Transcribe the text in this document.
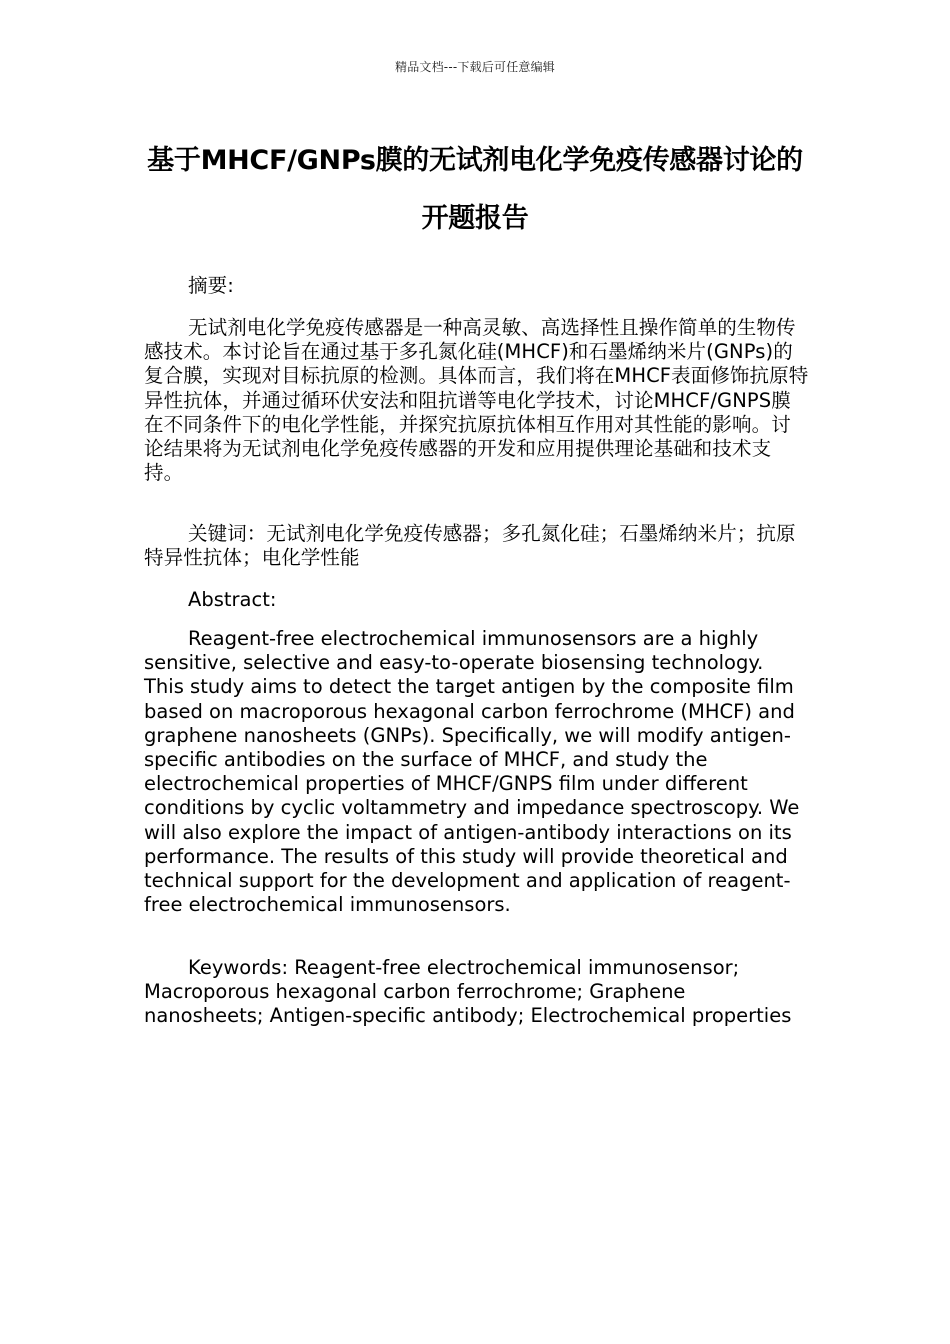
精品文档---下载后可任意编辑
基于MHCF/GNPs膜的无试剂电化学免疫传感器讨论的开题报告

摘要:

无试剂电化学免疫传感器是一种高灵敏、高选择性且操作简单的生物传感技术。本讨论旨在通过基于多孔氮化硅(MHCF)和石墨烯纳米片(GNPs)的复合膜，实现对目标抗原的检测。具体而言，我们将在MHCF表面修饰抗原特异性抗体，并通过循环伏安法和阻抗谱等电化学技术，讨论MHCF/GNPS膜在不同条件下的电化学性能，并探究抗原抗体相互作用对其性能的影响。讨论结果将为无试剂电化学免疫传感器的开发和应用提供理论基础和技术支持。

关键词：无试剂电化学免疫传感器；多孔氮化硅；石墨烯纳米片；抗原特异性抗体；电化学性能

Abstract:

Reagent-free electrochemical immunosensors are a highly sensitive, selective and easy-to-operate biosensing technology. This study aims to detect the target antigen by the composite film based on macroporous hexagonal carbon ferrochrome (MHCF) and graphene nanosheets (GNPs). Specifically, we will modify antigen-specific antibodies on the surface of MHCF, and study the electrochemical properties of MHCF/GNPS film under different conditions by cyclic voltammetry and impedance spectroscopy. We will also explore the impact of antigen-antibody interactions on its performance. The results of this study will provide theoretical and technical support for the development and application of reagent-free electrochemical immunosensors.

Keywords: Reagent-free electrochemical immunosensor; Macroporous hexagonal carbon ferrochrome; Graphene nanosheets; Antigen-specific antibody; Electrochemical properties
